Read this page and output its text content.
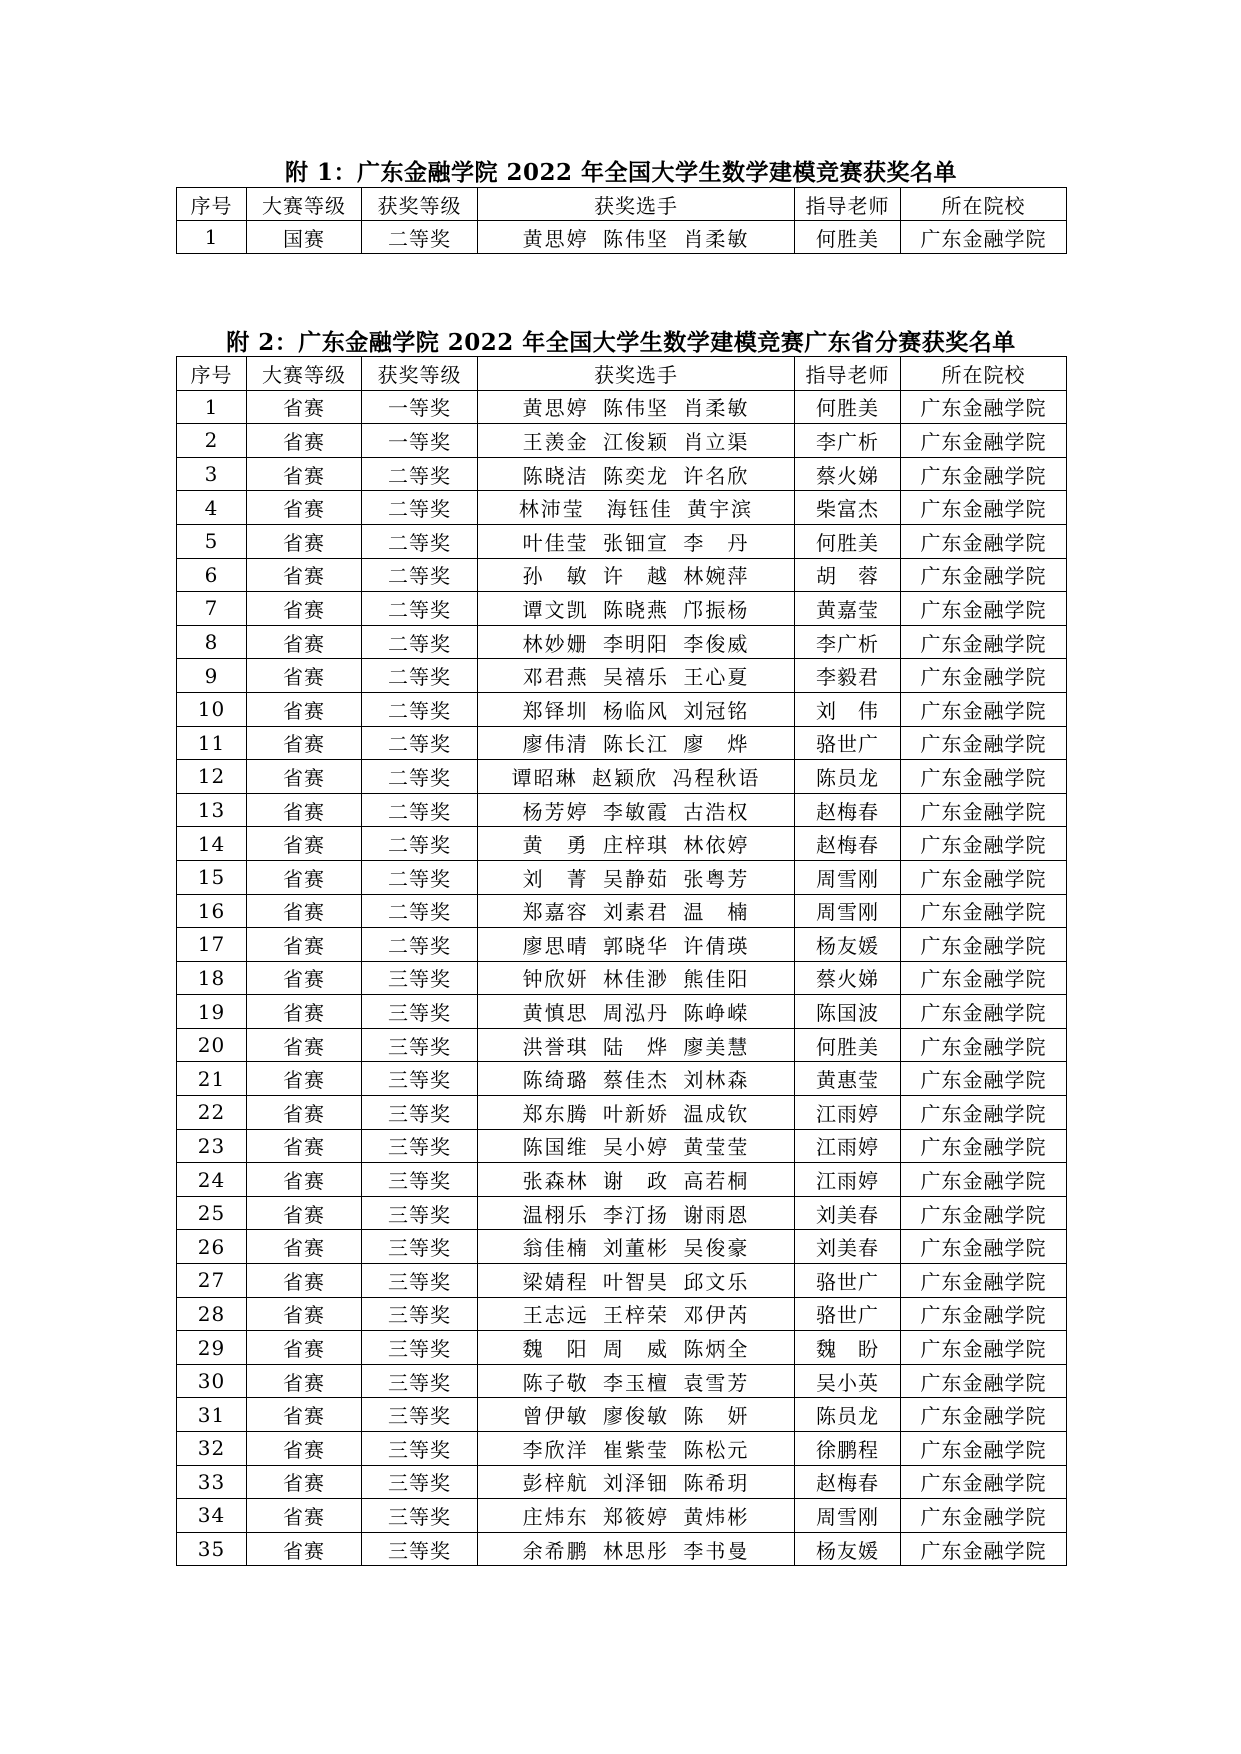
附 1：广东金融学院 2022 年全国大学生数学建模竞赛获奖名单
序号	大赛等级	获奖等级	获奖选手	指导老师	所在院校
1	国赛	二等奖	黄思婷 陈伟坚 肖柔敏	何胜美	广东金融学院
附 2：广东金融学院 2022 年全国大学生数学建模竞赛广东省分赛获奖名单
序号	大赛等级	获奖等级	获奖选手	指导老师	所在院校
1	省赛	一等奖	黄思婷 陈伟坚 肖柔敏	何胜美	广东金融学院
2	省赛	一等奖	王羡金 江俊颖 肖立渠	李广析	广东金融学院
3	省赛	二等奖	陈晓洁 陈奕龙 许名欣	蔡火娣	广东金融学院
4	省赛	二等奖	林沛莹　海钰佳 黄宇滨	柴富杰	广东金融学院
5	省赛	二等奖	叶佳莹 张钿宣 李　丹	何胜美	广东金融学院
6	省赛	二等奖	孙　敏 许　越 林婉萍	胡　蓉	广东金融学院
7	省赛	二等奖	谭文凯 陈晓燕 邝振杨	黄嘉莹	广东金融学院
8	省赛	二等奖	林妙姗 李明阳 李俊威	李广析	广东金融学院
9	省赛	二等奖	邓君燕 吴禧乐 王心夏	李毅君	广东金融学院
10	省赛	二等奖	郑铎圳 杨临风 刘冠铭	刘　伟	广东金融学院
11	省赛	二等奖	廖伟清 陈长江 廖　烨	骆世广	广东金融学院
12	省赛	二等奖	谭昭琳 赵颖欣 冯程秋语	陈员龙	广东金融学院
13	省赛	二等奖	杨芳婷 李敏霞 古浩权	赵梅春	广东金融学院
14	省赛	二等奖	黄　勇 庄梓琪 林依婷	赵梅春	广东金融学院
15	省赛	二等奖	刘　菁 吴静茹 张粤芳	周雪刚	广东金融学院
16	省赛	二等奖	郑嘉容 刘素君 温　楠	周雪刚	广东金融学院
17	省赛	二等奖	廖思晴 郭晓华 许倩瑛	杨友媛	广东金融学院
18	省赛	三等奖	钟欣妍 林佳渺 熊佳阳	蔡火娣	广东金融学院
19	省赛	三等奖	黄慎思 周泓丹 陈峥嵘	陈国波	广东金融学院
20	省赛	三等奖	洪誉琪 陆　烨 廖美慧	何胜美	广东金融学院
21	省赛	三等奖	陈绮璐 蔡佳杰 刘林森	黄惠莹	广东金融学院
22	省赛	三等奖	郑东腾 叶新娇 温成钦	江雨婷	广东金融学院
23	省赛	三等奖	陈国维 吴小婷 黄莹莹	江雨婷	广东金融学院
24	省赛	三等奖	张森林 谢　政 高若桐	江雨婷	广东金融学院
25	省赛	三等奖	温栩乐 李汀扬 谢雨恩	刘美春	广东金融学院
26	省赛	三等奖	翁佳楠 刘董彬 吴俊豪	刘美春	广东金融学院
27	省赛	三等奖	梁婧程 叶智昊 邱文乐	骆世广	广东金融学院
28	省赛	三等奖	王志远 王梓荣 邓伊芮	骆世广	广东金融学院
29	省赛	三等奖	魏　阳 周　威 陈炳全	魏　盼	广东金融学院
30	省赛	三等奖	陈子敬 李玉檀 袁雪芳	吴小英	广东金融学院
31	省赛	三等奖	曾伊敏 廖俊敏 陈　妍	陈员龙	广东金融学院
32	省赛	三等奖	李欣洋 崔紫莹 陈松元	徐鹏程	广东金融学院
33	省赛	三等奖	彭梓航 刘泽钿 陈希玥	赵梅春	广东金融学院
34	省赛	三等奖	庄炜东 郑筱婷 黄炜彬	周雪刚	广东金融学院
35	省赛	三等奖	余希鹏 林思彤 李书曼	杨友媛	广东金融学院
